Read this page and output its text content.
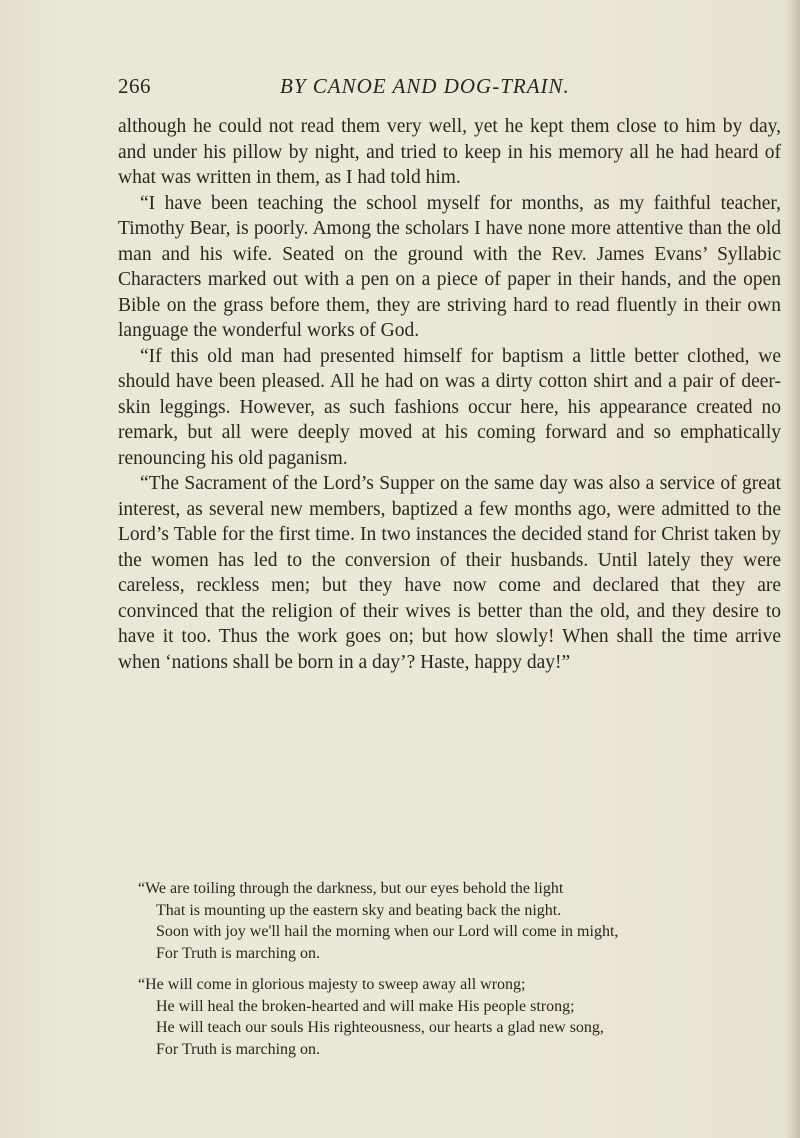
266	BY CANOE AND DOG-TRAIN.

although he could not read them very well, yet he kept them close to him by day, and under his pillow by night, and tried to keep in his memory all he had heard of what was written in them, as I had told him.

“I have been teaching the school myself for months, as my faithful teacher, Timothy Bear, is poorly. Among the scholars I have none more attentive than the old man and his wife. Seated on the ground with the Rev. James Evans’ Syllabic Characters marked out with a pen on a piece of paper in their hands, and the open Bible on the grass before them, they are striving hard to read fluently in their own language the wonderful works of God.

“If this old man had presented himself for baptism a little better clothed, we should have been pleased. All he had on was a dirty cotton shirt and a pair of deer-skin leggings. However, as such fashions occur here, his appearance created no remark, but all were deeply moved at his coming forward and so emphatically renouncing his old paganism.

“The Sacrament of the Lord’s Supper on the same day was also a service of great interest, as several new members, baptized a few months ago, were admitted to the Lord’s Table for the first time. In two instances the decided stand for Christ taken by the women has led to the conversion of their husbands. Until lately they were careless, reckless men; but they have now come and declared that they are convinced that the religion of their wives is better than the old, and they desire to have it too. Thus the work goes on; but how slowly! When shall the time arrive when ‘nations shall be born in a day’? Haste, happy day!”

“We are toiling through the darkness, but our eyes behold the light
That is mounting up the eastern sky and beating back the night.
Soon with joy we'll hail the morning when our Lord will come in might,
For Truth is marching on.
“He will come in glorious majesty to sweep away all wrong;
He will heal the broken-hearted and will make His people strong;
He will teach our souls His righteousness, our hearts a glad new song,
For Truth is marching on.
